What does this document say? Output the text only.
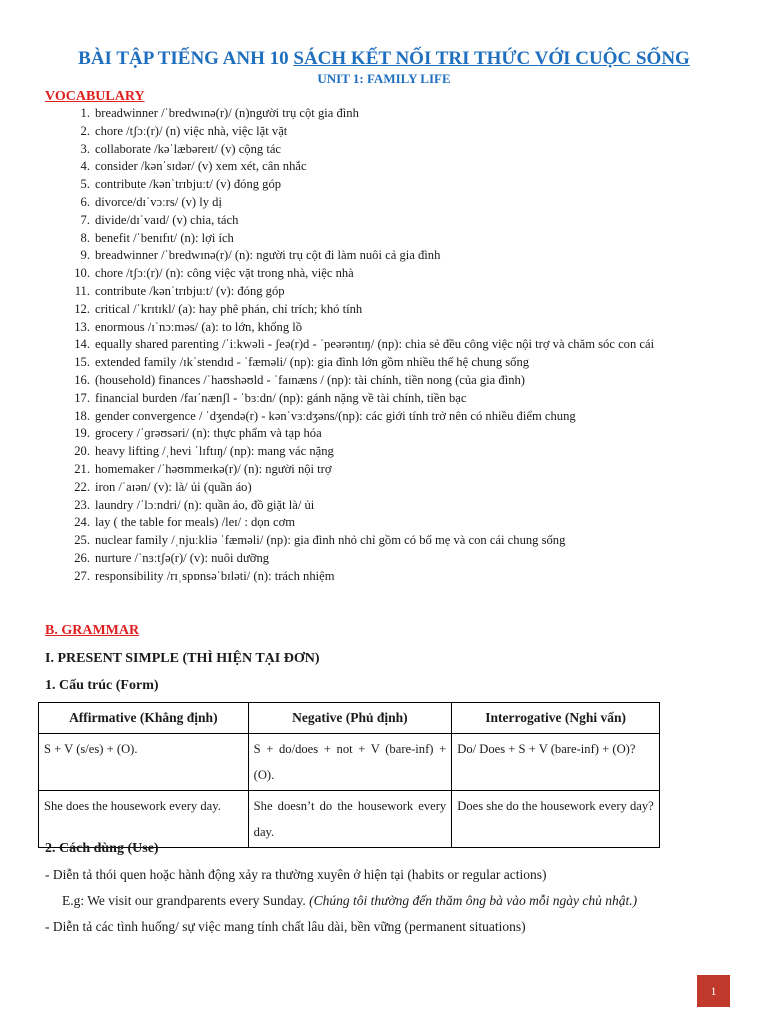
BÀI TẬP TIẾNG ANH 10 SÁCH KẾT NỐI TRI THỨC VỚI CUỘC SỐNG
UNIT 1: FAMILY LIFE
VOCABULARY
1. breadwinner /ˈbredwɪnə(r)/ (n)người trụ cột gia đình
2. chore /tʃɔː(r)/ (n) việc nhà, việc lặt vặt
3. collaborate /kəˈlæbəreɪt/ (v) cộng tác
4. consider /kənˈsɪdər/ (v) xem xét, cân nhắc
5. contribute /kənˈtrɪbjuːt/ (v) đóng góp
6. divorce/dɪˈvɔːrs/ (v) ly dị
7. divide/dɪˈvaɪd/ (v) chia, tách
8. benefit /ˈbenɪfɪt/ (n): lợi ích
9. breadwinner /ˈbredwɪnə(r)/ (n): người trụ cột đi làm nuôi cả gia đình
10. chore /tʃɔː(r)/ (n): công việc vặt trong nhà, việc nhà
11. contribute /kənˈtrɪbjuːt/ (v): đóng góp
12. critical /ˈkrɪtɪkl/ (a): hay phê phán, chỉ trích; khó tính
13. enormous /ɪˈnɔːməs/ (a): to lớn, khổng lồ
14. equally shared parenting /ˈiːkwəli - ʃeə(r)d - ˈpeərəntɪŋ/ (np): chia sẻ đều công việc nội trợ và chăm sóc con cái
15. extended family /ɪkˈstendɪd - ˈfæməli/ (np): gia đình lớn gồm nhiều thế hệ chung sống
16. (household) finances /ˈhaʊshəʊld - ˈfaɪnæns / (np): tài chính, tiền nong (của gia đình)
17. financial burden /faɪˈnænʃl - ˈbɜːdn/ (np): gánh nặng về tài chính, tiền bạc
18. gender convergence / ˈdʒendə(r) - kənˈvɜːdʒəns/(np): các giới tính trở nên có nhiều điểm chung
19. grocery /ˈɡrəʊsəri/ (n): thực phẩm và tạp hóa
20. heavy lifting /ˌhevi ˈlɪftɪŋ/ (np): mang vác nặng
21. homemaker /ˈhəʊmmeɪkə(r)/ (n): người nội trợ
22. iron /ˈaɪən/ (v): là/ ủi (quần áo)
23. laundry /ˈlɔːndri/ (n): quần áo, đồ giặt là/ ủi
24. lay ( the table for meals) /leɪ/ : dọn cơm
25. nuclear family /ˌnjuːkliə ˈfæməli/ (np): gia đình nhỏ chỉ gồm có bố mẹ và con cái chung sống
26. nurture /ˈnɜːtʃə(r)/ (v): nuôi dưỡng
27. responsibility /rɪˌspɒnsəˈbɪləti/ (n): trách nhiệm
B. GRAMMAR
I. PRESENT SIMPLE (THÌ HIỆN TẠI ĐƠN)
1. Cấu trúc (Form)
Affirmative (Khẳng định)	Negative (Phủ định)	Interrogative (Nghi vấn)
S + V (s/es) + (O).	S + do/does + not + V (bare-inf) + (O).	Do/ Does + S + V (bare-inf) + (O)?
She does the housework every day.	She doesn’t do the housework every day.	Does she do the housework every day?
2. Cách dùng (Use)
- Diễn tả thói quen hoặc hành động xảy ra thường xuyên ở hiện tại (habits or regular actions)
E.g: We visit our grandparents every Sunday. (Chúng tôi thường đến thăm ông bà vào mỗi ngày chủ nhật.)
- Diễn tả các tình huống/ sự việc mang tính chất lâu dài, bền vững (permanent situations)
1
